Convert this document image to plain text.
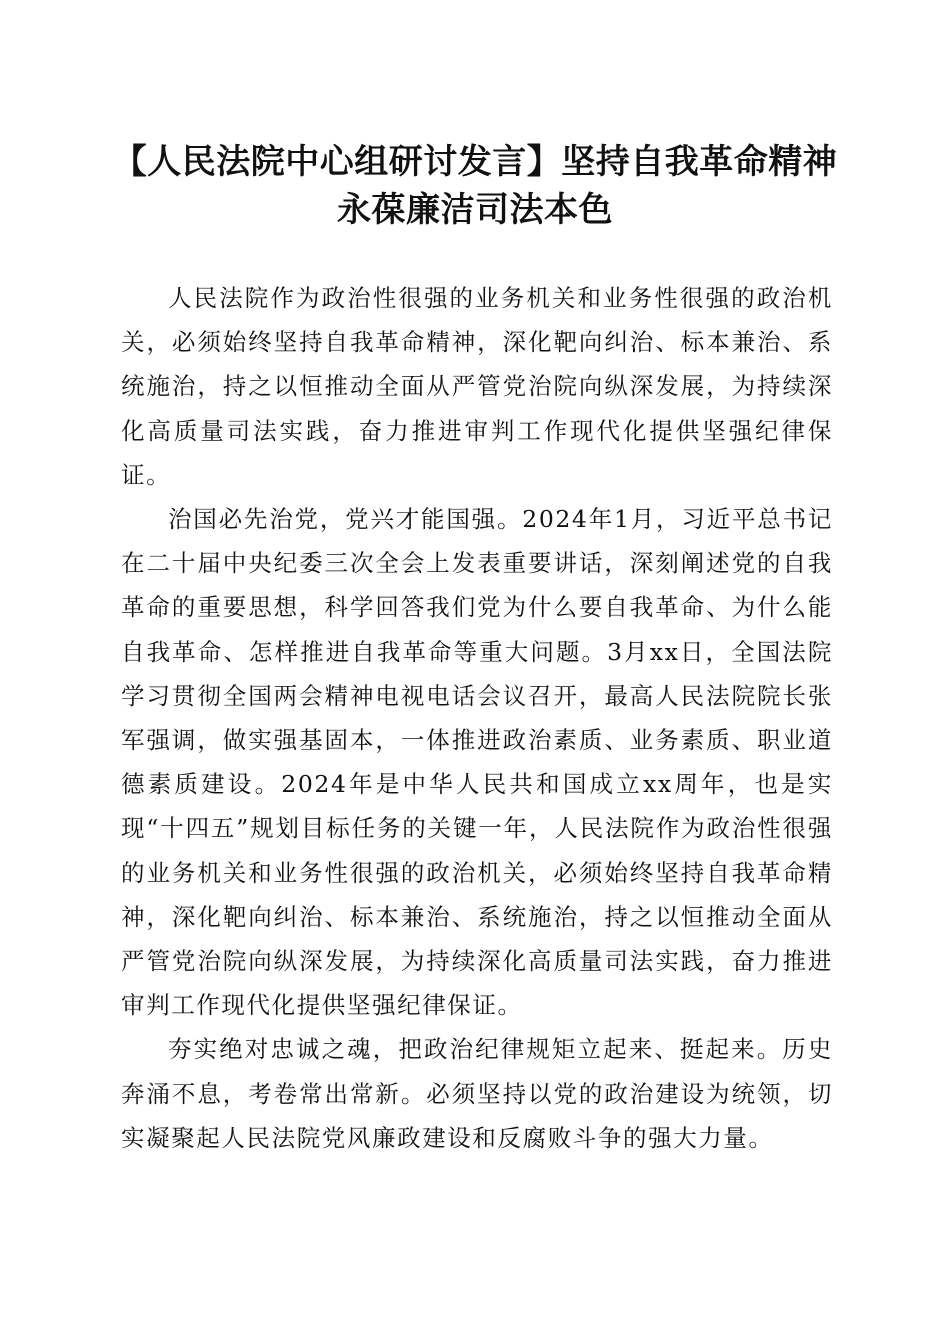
【人民法院中心组研讨发言】坚持自我革命精神永葆廉洁司法本色

人民法院作为政治性很强的业务机关和业务性很强的政治机关，必须始终坚持自我革命精神，深化靶向纠治、标本兼治、系统施治，持之以恒推动全面从严管党治院向纵深发展，为持续深化高质量司法实践，奋力推进审判工作现代化提供坚强纪律保证。

治国必先治党，党兴才能国强。2024年1月，习近平总书记在二十届中央纪委三次全会上发表重要讲话，深刻阐述党的自我革命的重要思想，科学回答我们党为什么要自我革命、为什么能自我革命、怎样推进自我革命等重大问题。3月xx日，全国法院学习贯彻全国两会精神电视电话会议召开，最高人民法院院长张军强调，做实强基固本，一体推进政治素质、业务素质、职业道德素质建设。2024年是中华人民共和国成立xx周年，也是实现“十四五”规划目标任务的关键一年，人民法院作为政治性很强的业务机关和业务性很强的政治机关，必须始终坚持自我革命精神，深化靶向纠治、标本兼治、系统施治，持之以恒推动全面从严管党治院向纵深发展，为持续深化高质量司法实践，奋力推进审判工作现代化提供坚强纪律保证。

夯实绝对忠诚之魂，把政治纪律规矩立起来、挺起来。历史奔涌不息，考卷常出常新。必须坚持以党的政治建设为统领，切实凝聚起人民法院党风廉政建设和反腐败斗争的强大力量。
